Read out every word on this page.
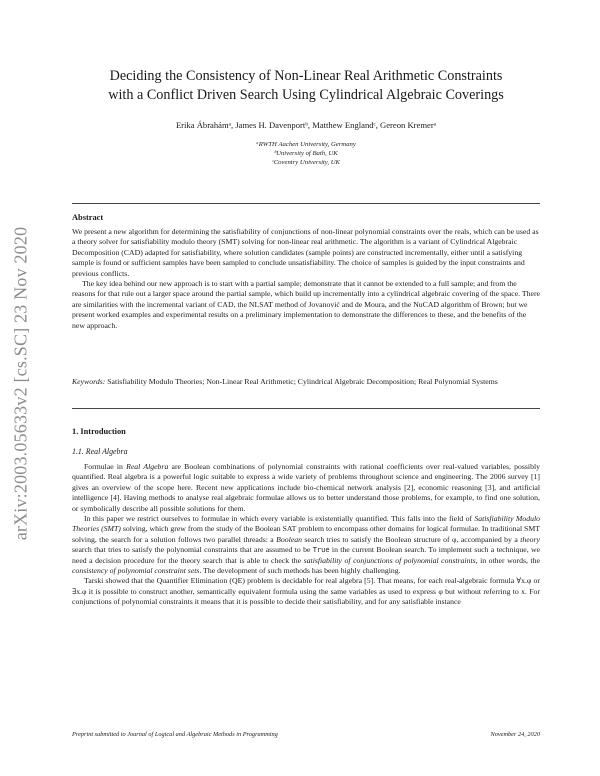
arXiv:2003.05633v2 [cs.SC] 23 Nov 2020
Deciding the Consistency of Non-Linear Real Arithmetic Constraints
with a Conflict Driven Search Using Cylindrical Algebraic Coverings
Erika Ábrahámᵃ, James H. Davenportᵇ, Matthew Englandᶜ, Gereon Kremerᵃ
ᵃRWTH Aachen University, Germany
ᵇUniversity of Bath, UK
ᶜCoventry University, UK
Abstract

We present a new algorithm for determining the satisfiability of conjunctions of non-linear polynomial constraints over the reals, which can be used as a theory solver for satisfiability modulo theory (SMT) solving for non-linear real arithmetic. The algorithm is a variant of Cylindrical Algebraic Decomposition (CAD) adapted for satisfiability, where solution candidates (sample points) are constructed incrementally, either until a satisfying sample is found or sufficient samples have been sampled to conclude unsatisfiability. The choice of samples is guided by the input constraints and previous conflicts.

The key idea behind our new approach is to start with a partial sample; demonstrate that it cannot be extended to a full sample; and from the reasons for that rule out a larger space around the partial sample, which build up incrementally into a cylindrical algebraic covering of the space. There are similarities with the incremental variant of CAD, the NLSAT method of Jovanović and de Moura, and the NuCAD algorithm of Brown; but we present worked examples and experimental results on a preliminary implementation to demonstrate the differences to these, and the benefits of the new approach.

Keywords: Satisfiability Modulo Theories; Non-Linear Real Arithmetic; Cylindrical Algebraic Decomposition; Real Polynomial Systems
1. Introduction
1.1. Real Algebra

Formulae in Real Algebra are Boolean combinations of polynomial constraints with rational coefficients over real-valued variables, possibly quantified. Real algebra is a powerful logic suitable to express a wide variety of problems throughout science and engineering. The 2006 survey [1] gives an overview of the scope here. Recent new applications include bio-chemical network analysis [2], economic reasoning [3], and artificial intelligence [4]. Having methods to analyse real algebraic formulae allows us to better understand those problems, for example, to find one solution, or symbolically describe all possible solutions for them.

In this paper we restrict ourselves to formulae in which every variable is existentially quantified. This falls into the field of Satisfiability Modulo Theories (SMT) solving, which grew from the study of the Boolean SAT problem to encompass other domains for logical formulae. In traditional SMT solving, the search for a solution follows two parallel threads: a Boolean search tries to satisfy the Boolean structure of φ, accompanied by a theory search that tries to satisfy the polynomial constraints that are assumed to be True in the current Boolean search. To implement such a technique, we need a decision procedure for the theory search that is able to check the satisfiability of conjunctions of polynomial constraints, in other words, the consistency of polynomial constraint sets. The development of such methods has been highly challenging.

Tarski showed that the Quantifier Elimination (QE) problem is decidable for real algebra [5]. That means, for each real-algebraic formula ∀x.φ or ∃x.φ it is possible to construct another, semantically equivalent formula using the same variables as used to express φ but without referring to x. For conjunctions of polynomial constraints it means that it is possible to decide their satisfiability, and for any satisfiable instance

Preprint submitted to Journal of Logical and Algebraic Methods in Programming	November 24, 2020
